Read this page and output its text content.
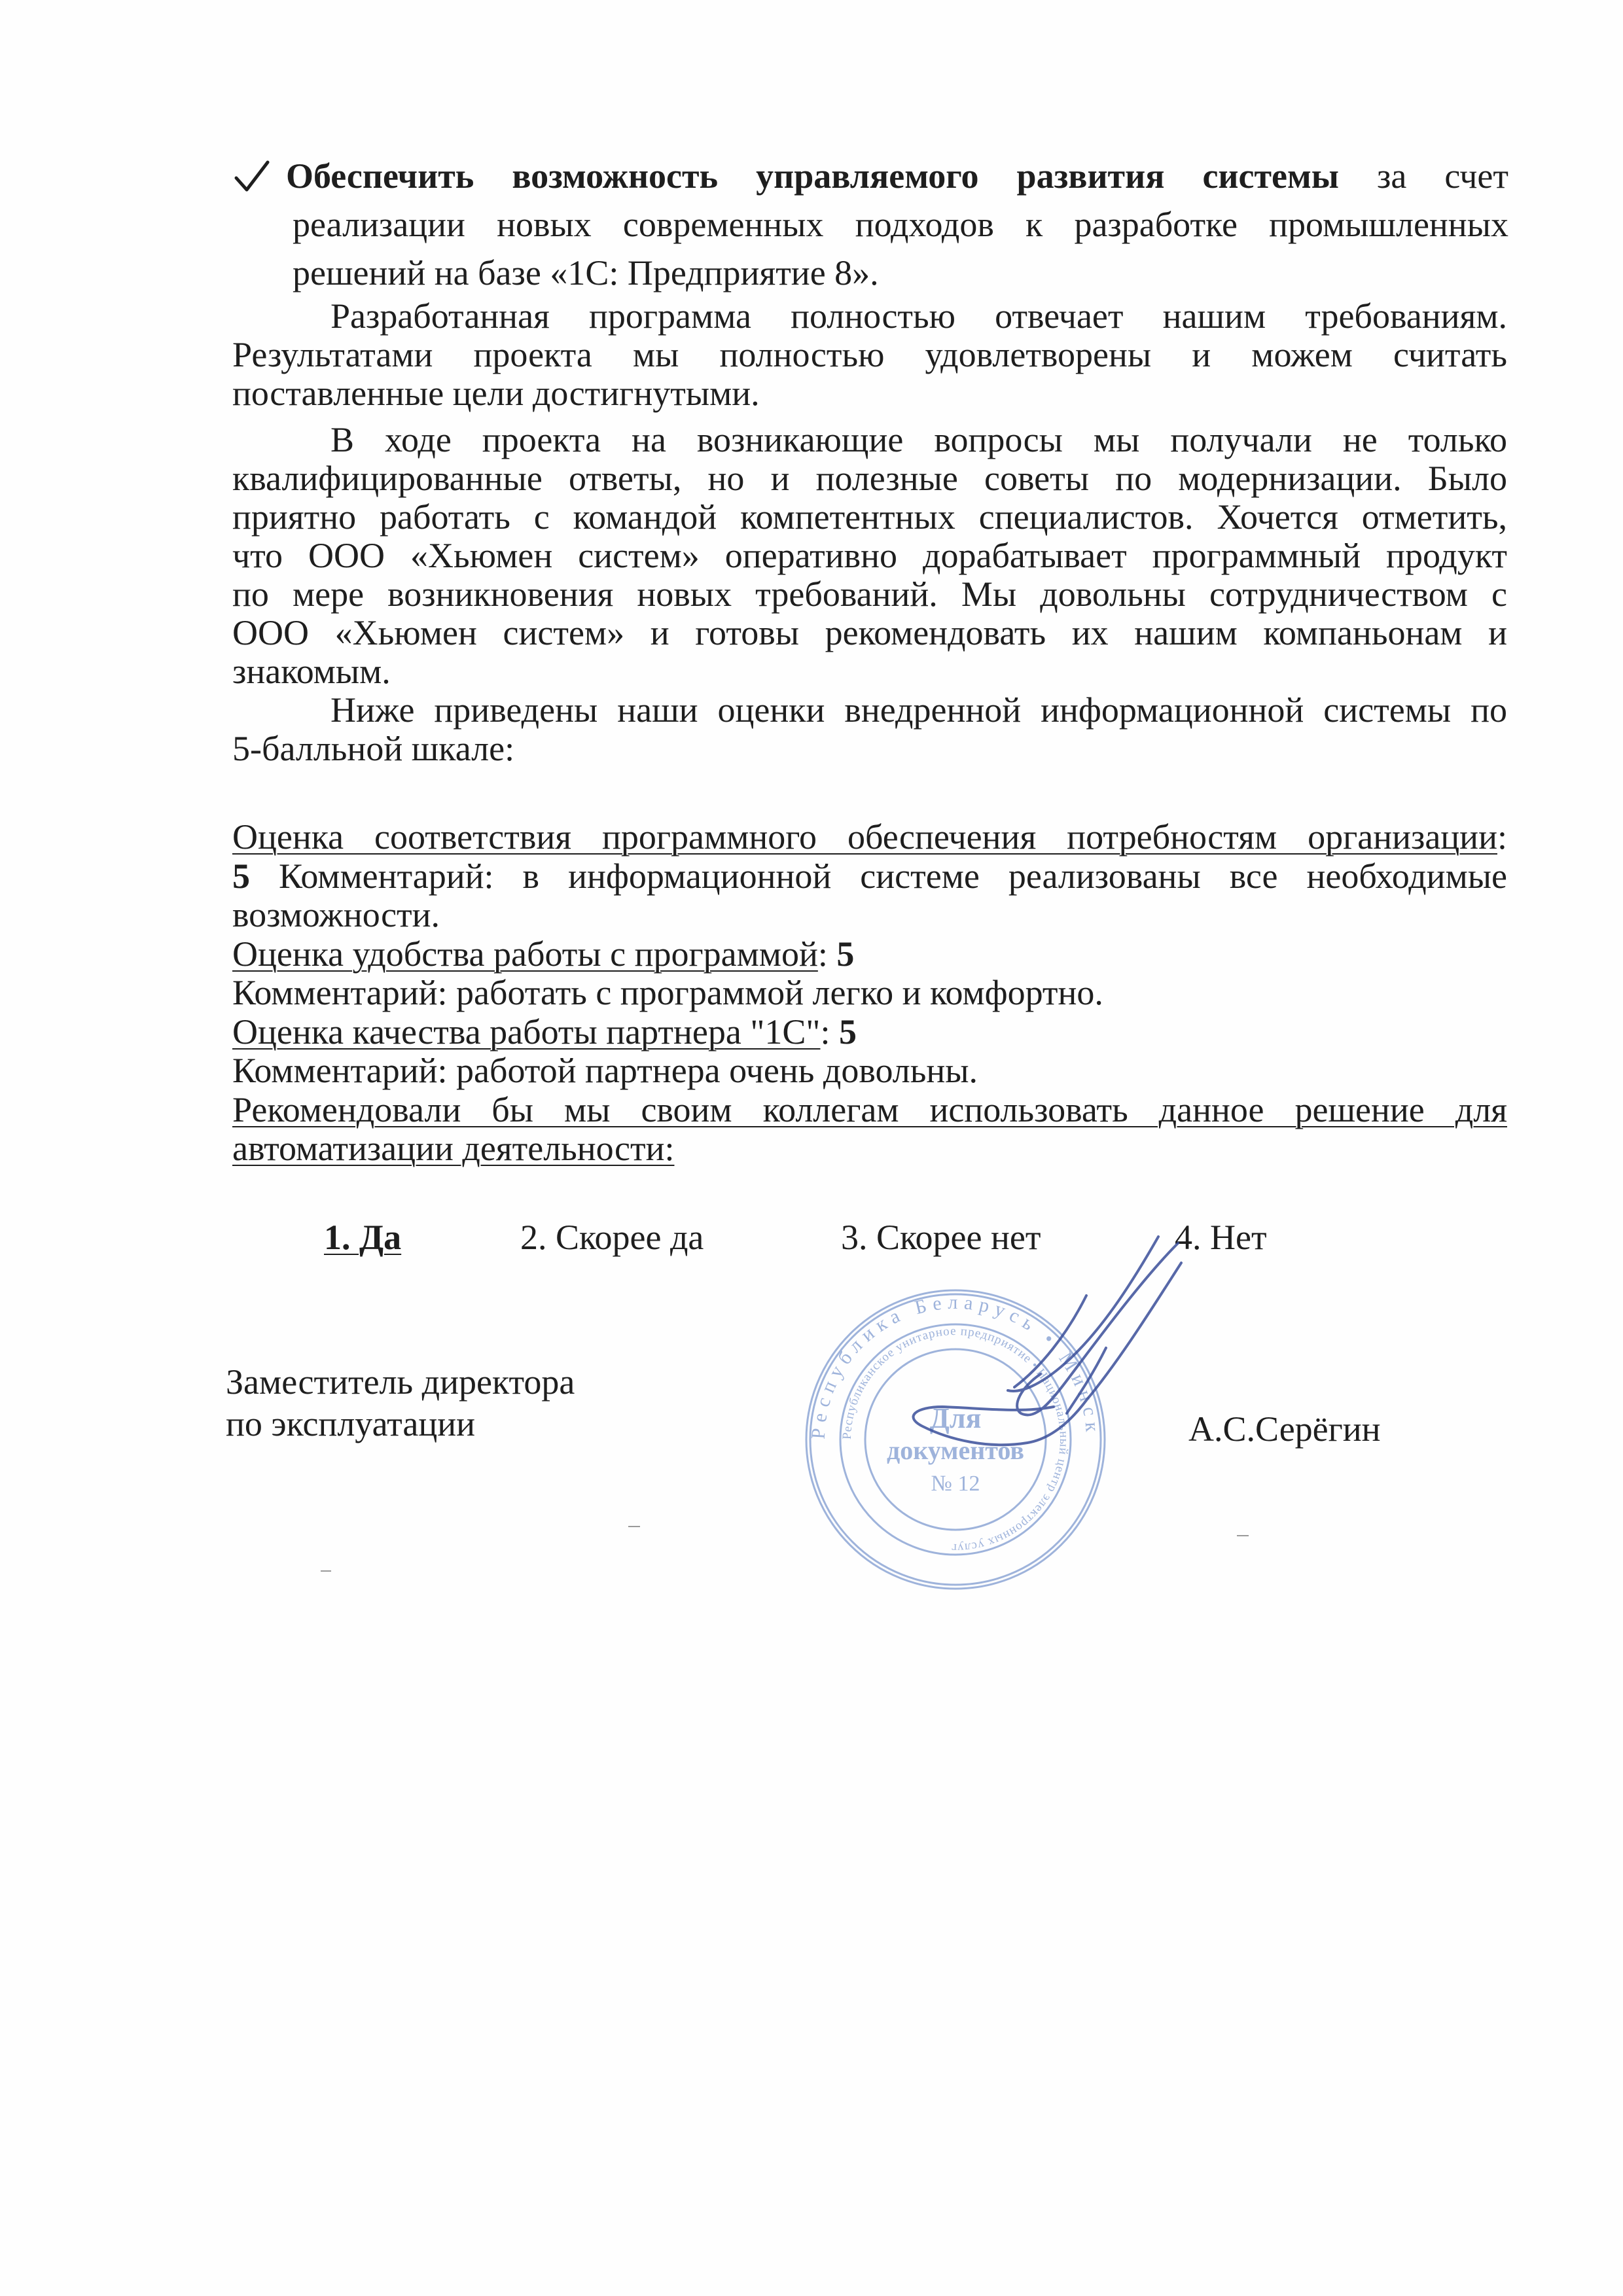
Обеспечить возможность управляемого развития системы за счет
реализации новых современных подходов к разработке промышленных
решений на базе «1С: Предприятие 8».

Разработанная программа полностью отвечает нашим требованиям.
Результатами проекта мы полностью удовлетворены и можем считать
поставленные цели достигнутыми.

В ходе проекта на возникающие вопросы мы получали не только
квалифицированные ответы, но и полезные советы по модернизации. Было
приятно работать с командой компетентных специалистов. Хочется отметить,
что ООО «Хьюмен систем» оперативно дорабатывает программный продукт
по мере возникновения новых требований. Мы довольны сотрудничеством с
ООО «Хьюмен систем» и готовы рекомендовать их нашим компаньонам и
знакомым.

Ниже приведены наши оценки внедренной информационной системы по
5-балльной шкале:

Оценка соответствия программного обеспечения потребностям организации:
5 Комментарий: в информационной системе реализованы все необходимые
возможности.
Оценка удобства работы с программой: 5
Комментарий: работать с программой легко и комфортно.
Оценка качества работы партнера "1С": 5
Комментарий: работой партнера очень довольны.
Рекомендовали бы мы своим коллегам использовать данное решение для
автоматизации деятельности:
1. Да	2. Скорее да	3. Скорее нет	4. Нет
Заместитель директора
по эксплуатации	А.С.Серёгин
Республика Беларусь • Минск
Республиканское унитарное предприятие • Национальный центр электронных услуг
Для
документов
№ 12
